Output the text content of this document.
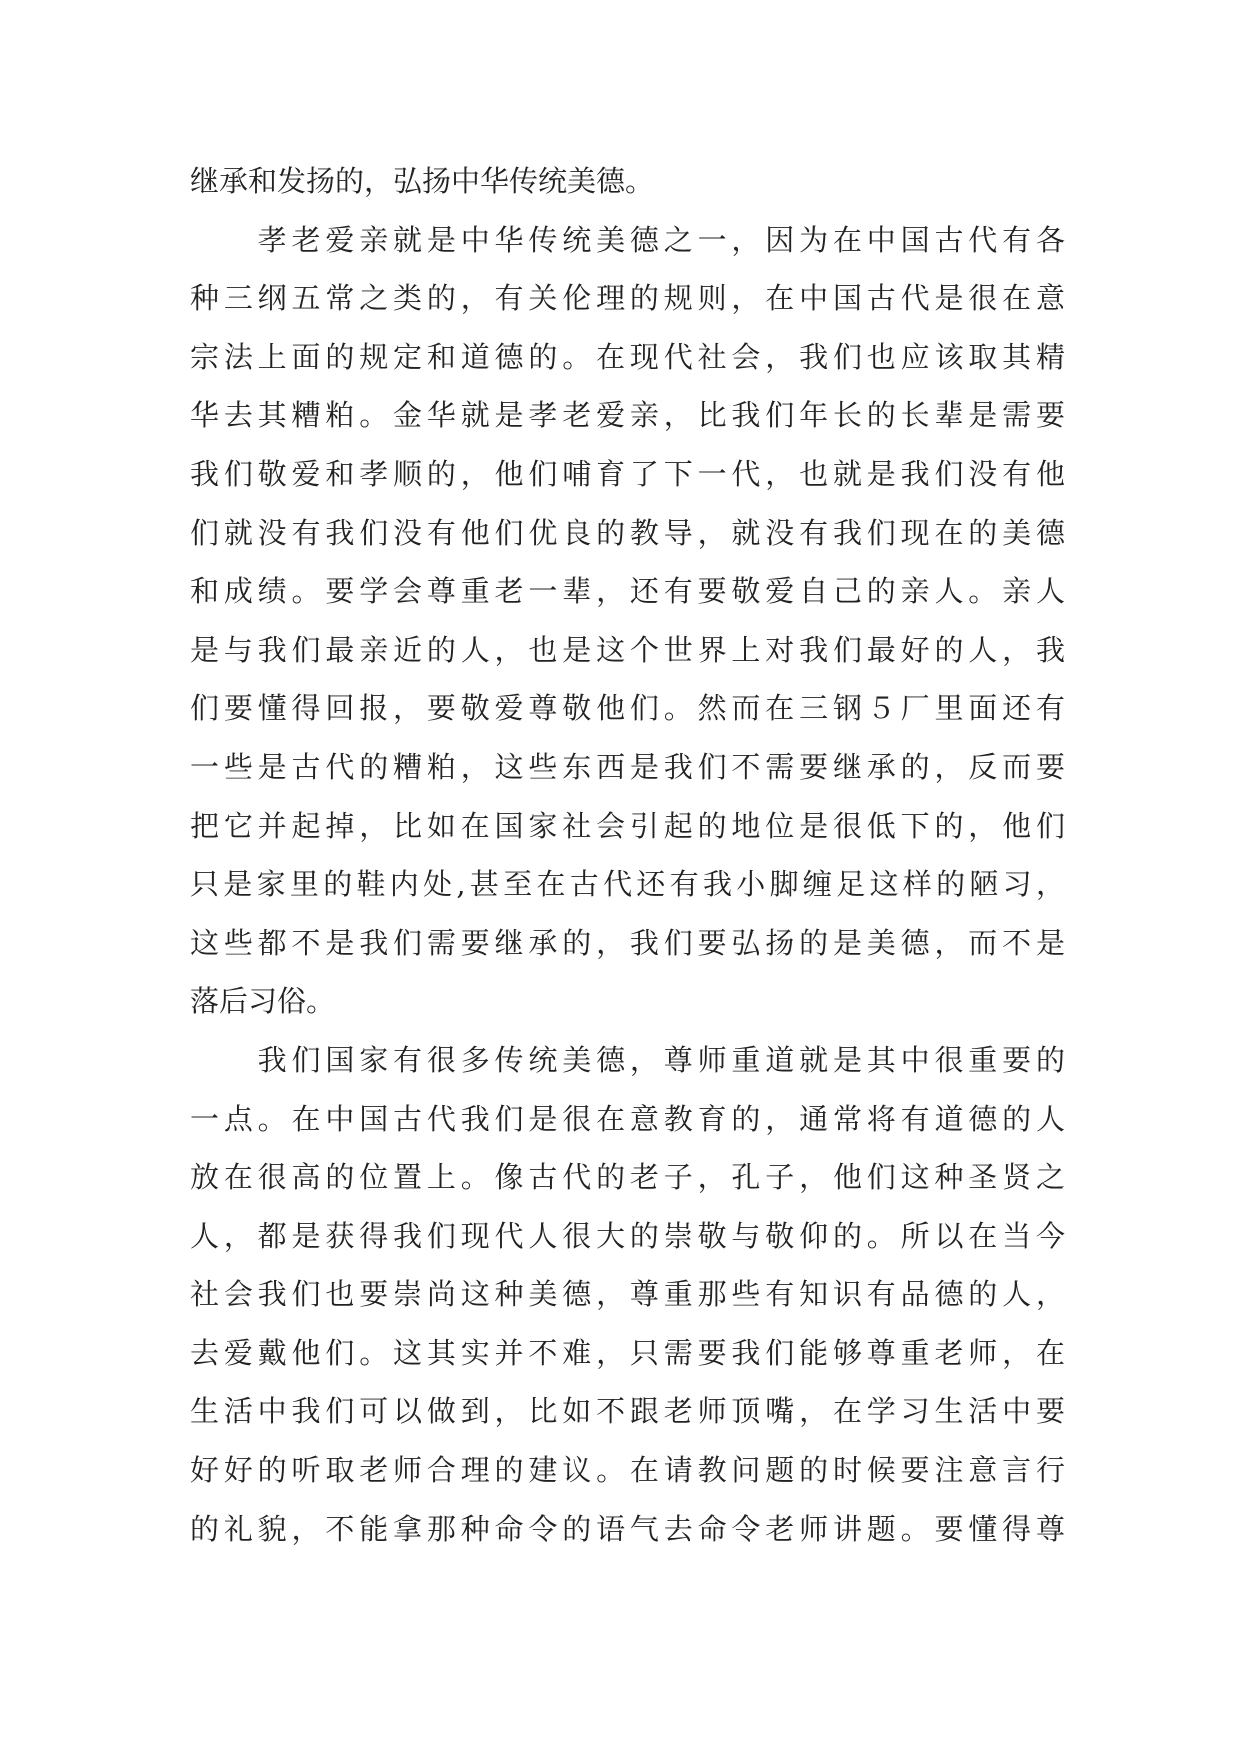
继承和发扬的，弘扬中华传统美德。
　　孝老爱亲就是中华传统美德之一，因为在中国古代有各
种三纲五常之类的，有关伦理的规则，在中国古代是很在意
宗法上面的规定和道德的。在现代社会，我们也应该取其精
华去其糟粕。金华就是孝老爱亲，比我们年长的长辈是需要
我们敬爱和孝顺的，他们哺育了下一代，也就是我们没有他
们就没有我们没有他们优良的教导，就没有我们现在的美德
和成绩。要学会尊重老一辈，还有要敬爱自己的亲人。亲人
是与我们最亲近的人，也是这个世界上对我们最好的人，我
们要懂得回报，要敬爱尊敬他们。然而在三钢５厂里面还有
一些是古代的糟粕，这些东西是我们不需要继承的，反而要
把它并起掉，比如在国家社会引起的地位是很低下的，他们
只是家里的鞋内处,甚至在古代还有我小脚缠足这样的陋习，
这些都不是我们需要继承的，我们要弘扬的是美德，而不是
落后习俗。
　　我们国家有很多传统美德，尊师重道就是其中很重要的
一点。在中国古代我们是很在意教育的，通常将有道德的人
放在很高的位置上。像古代的老子，孔子，他们这种圣贤之
人，都是获得我们现代人很大的崇敬与敬仰的。所以在当今
社会我们也要崇尚这种美德，尊重那些有知识有品德的人，
去爱戴他们。这其实并不难，只需要我们能够尊重老师，在
生活中我们可以做到，比如不跟老师顶嘴，在学习生活中要
好好的听取老师合理的建议。在请教问题的时候要注意言行
的礼貌，不能拿那种命令的语气去命令老师讲题。要懂得尊
